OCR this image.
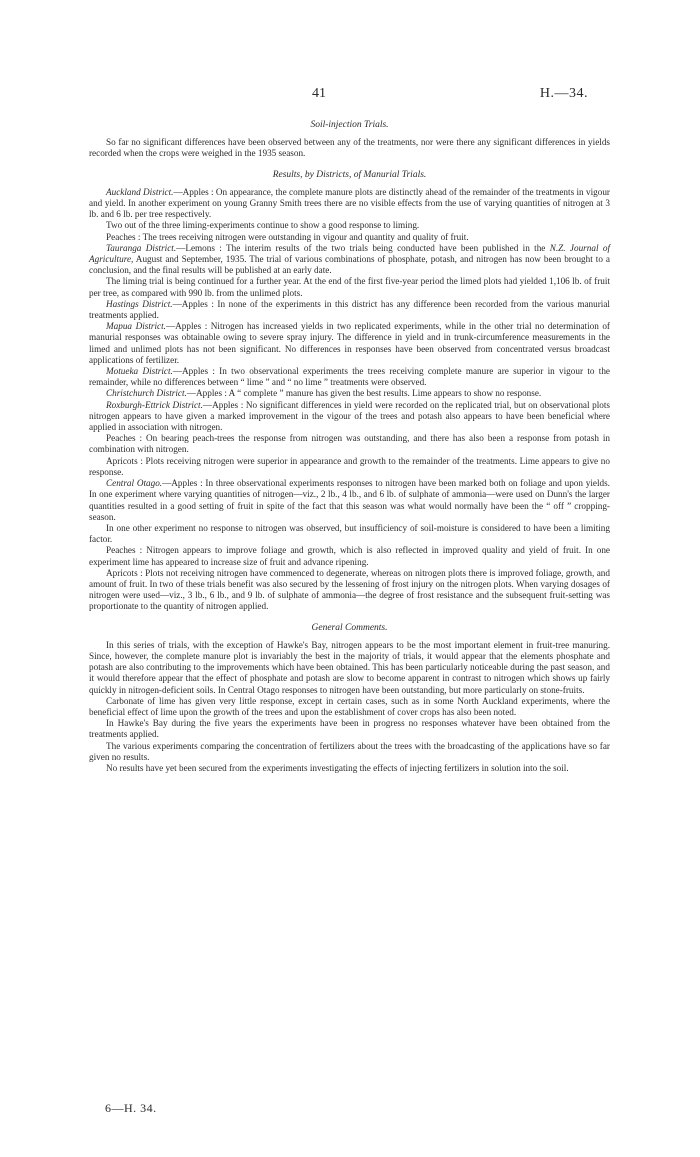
41	H.—34.
Soil-injection Trials.

So far no significant differences have been observed between any of the treatments, nor were there any significant differences in yields recorded when the crops were weighed in the 1935 season.

Results, by Districts, of Manurial Trials.

Auckland District.—Apples : On appearance, the complete manure plots are distinctly ahead of the remainder of the treatments in vigour and yield. In another experiment on young Granny Smith trees there are no visible effects from the use of varying quantities of nitrogen at 3 lb. and 6 lb. per tree respectively.

Two out of the three liming-experiments continue to show a good response to liming.

Peaches : The trees receiving nitrogen were outstanding in vigour and quantity and quality of fruit.

Tauranga District.—Lemons : The interim results of the two trials being conducted have been published in the N.Z. Journal of Agriculture, August and September, 1935. The trial of various combinations of phosphate, potash, and nitrogen has now been brought to a conclusion, and the final results will be published at an early date.

The liming trial is being continued for a further year. At the end of the first five-year period the limed plots had yielded 1,106 lb. of fruit per tree, as compared with 990 lb. from the unlimed plots.

Hastings District.—Apples : In none of the experiments in this district has any difference been recorded from the various manurial treatments applied.

Mapua District.—Apples : Nitrogen has increased yields in two replicated experiments, while in the other trial no determination of manurial responses was obtainable owing to severe spray injury. The difference in yield and in trunk-circumference measurements in the limed and unlimed plots has not been significant. No differences in responses have been observed from concentrated versus broadcast applications of fertilizer.

Motueka District.—Apples : In two observational experiments the trees receiving complete manure are superior in vigour to the remainder, while no differences between “ lime ” and “ no lime ” treatments were observed.

Christchurch District.—Apples : A “ complete ” manure has given the best results. Lime appears to show no response.

Roxburgh-Ettrick District.—Apples : No significant differences in yield were recorded on the replicated trial, but on observational plots nitrogen appears to have given a marked improvement in the vigour of the trees and potash also appears to have been beneficial where applied in association with nitrogen.

Peaches : On bearing peach-trees the response from nitrogen was outstanding, and there has also been a response from potash in combination with nitrogen.

Apricots : Plots receiving nitrogen were superior in appearance and growth to the remainder of the treatments. Lime appears to give no response.

Central Otago.—Apples : In three observational experiments responses to nitrogen have been marked both on foliage and upon yields. In one experiment where varying quantities of nitrogen—viz., 2 lb., 4 lb., and 6 lb. of sulphate of ammonia—were used on Dunn's the larger quantities resulted in a good setting of fruit in spite of the fact that this season was what would normally have been the “ off ” cropping-season.

In one other experiment no response to nitrogen was observed, but insufficiency of soil-moisture is considered to have been a limiting factor.

Peaches : Nitrogen appears to improve foliage and growth, which is also reflected in improved quality and yield of fruit. In one experiment lime has appeared to increase size of fruit and advance ripening.

Apricots : Plots not receiving nitrogen have commenced to degenerate, whereas on nitrogen plots there is improved foliage, growth, and amount of fruit. In two of these trials benefit was also secured by the lessening of frost injury on the nitrogen plots. When varying dosages of nitrogen were used—viz., 3 lb., 6 lb., and 9 lb. of sulphate of ammonia—the degree of frost resistance and the subsequent fruit-setting was proportionate to the quantity of nitrogen applied.

General Comments.

In this series of trials, with the exception of Hawke's Bay, nitrogen appears to be the most important element in fruit-tree manuring. Since, however, the complete manure plot is invariably the best in the majority of trials, it would appear that the elements phosphate and potash are also contributing to the improvements which have been obtained. This has been particularly noticeable during the past season, and it would therefore appear that the effect of phosphate and potash are slow to become apparent in contrast to nitrogen which shows up fairly quickly in nitrogen-deficient soils. In Central Otago responses to nitrogen have been outstanding, but more particularly on stone-fruits.

Carbonate of lime has given very little response, except in certain cases, such as in some North Auckland experiments, where the beneficial effect of lime upon the growth of the trees and upon the establishment of cover crops has also been noted.

In Hawke's Bay during the five years the experiments have been in progress no responses whatever have been obtained from the treatments applied.

The various experiments comparing the concentration of fertilizers about the trees with the broadcasting of the applications have so far given no results.

No results have yet been secured from the experiments investigating the effects of injecting fertilizers in solution into the soil.

6—H. 34.
